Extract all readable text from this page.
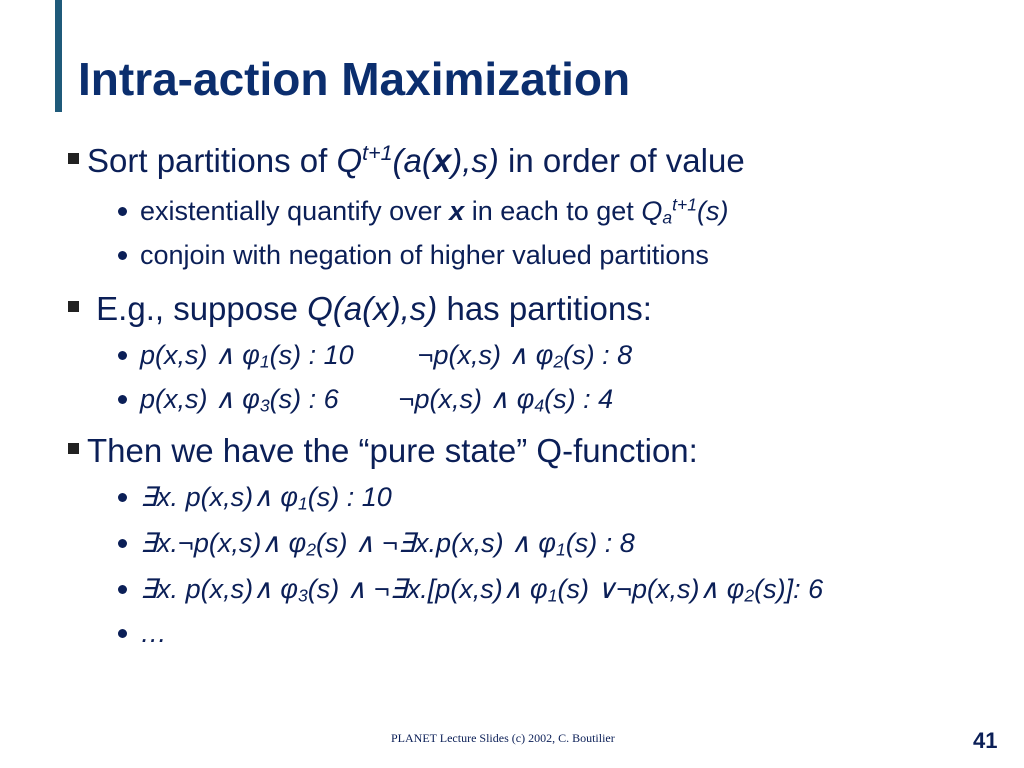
Intra-action Maximization
Sort partitions of $Q^{t+1}(a(x),s)$ in order of value
existentially quantify over x in each to get $Q_a^{t+1}(s)$
conjoin with negation of higher valued partitions
E.g., suppose Q(a(x),s) has partitions:
p(x,s) ∧ $\varphi_1(s)$ : 10 ¬p(x,s) ∧ $\varphi_2(s)$ : 8
p(x,s) ∧ $\varphi_3(s)$ : 6 ¬p(x,s) ∧ $\varphi_4(s)$ : 4
Then we have the “pure state” Q-function:
∃x. p(x,s)∧ $\varphi_1(s)$ : 10
∃x.¬p(x,s)∧ $\varphi_2(s)$ ∧ ¬∃x.p(x,s) ∧ $\varphi_1(s)$ : 8
∃x. p(x,s)∧ $\varphi_3(s)$ ∧ ¬∃x.[p(x,s)∧ $\varphi_1(s)$ ∨¬p(x,s)∧ $\varphi_2(s)$]: 6
…
PLANET Lecture Slides (c) 2002, C. Boutilier	41
